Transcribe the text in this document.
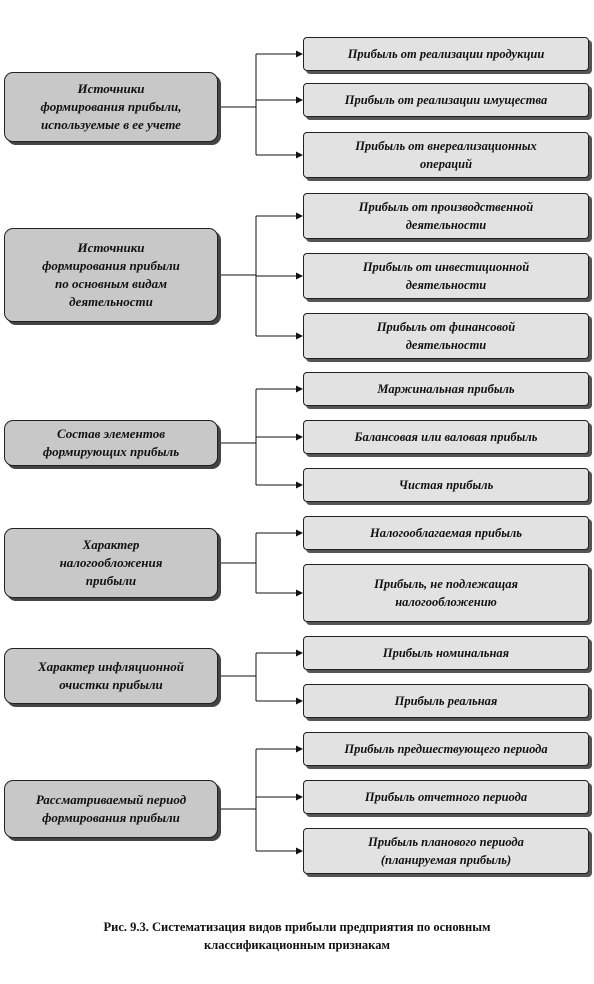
Источники
формирования прибыли,
используемые в ее учете
Прибыль от реализации продукции
Прибыль от реализации имущества
Прибыль от внереализационных
операций
Источники
формирования прибыли
по основным видам
деятельности
Прибыль от производственной
деятельности
Прибыль от инвестиционной
деятельности
Прибыль от финансовой
деятельности
Состав элементов
формирующих прибыль
Маржинальная прибыль
Балансовая или валовая прибыль
Чистая прибыль
Характер
налогообложения
прибыли
Налогооблагаемая прибыль
Прибыль, не подлежащая
налогообложению
Характер инфляционной
очистки прибыли
Прибыль номинальная
Прибыль реальная
Рассматриваемый период
формирования прибыли
Прибыль предшествующего периода
Прибыль отчетного периода
Прибыль планового периода
(планируемая прибыль)
Рис. 9.3. Систематизация видов прибыли предприятия по основным
классификационным признакам
